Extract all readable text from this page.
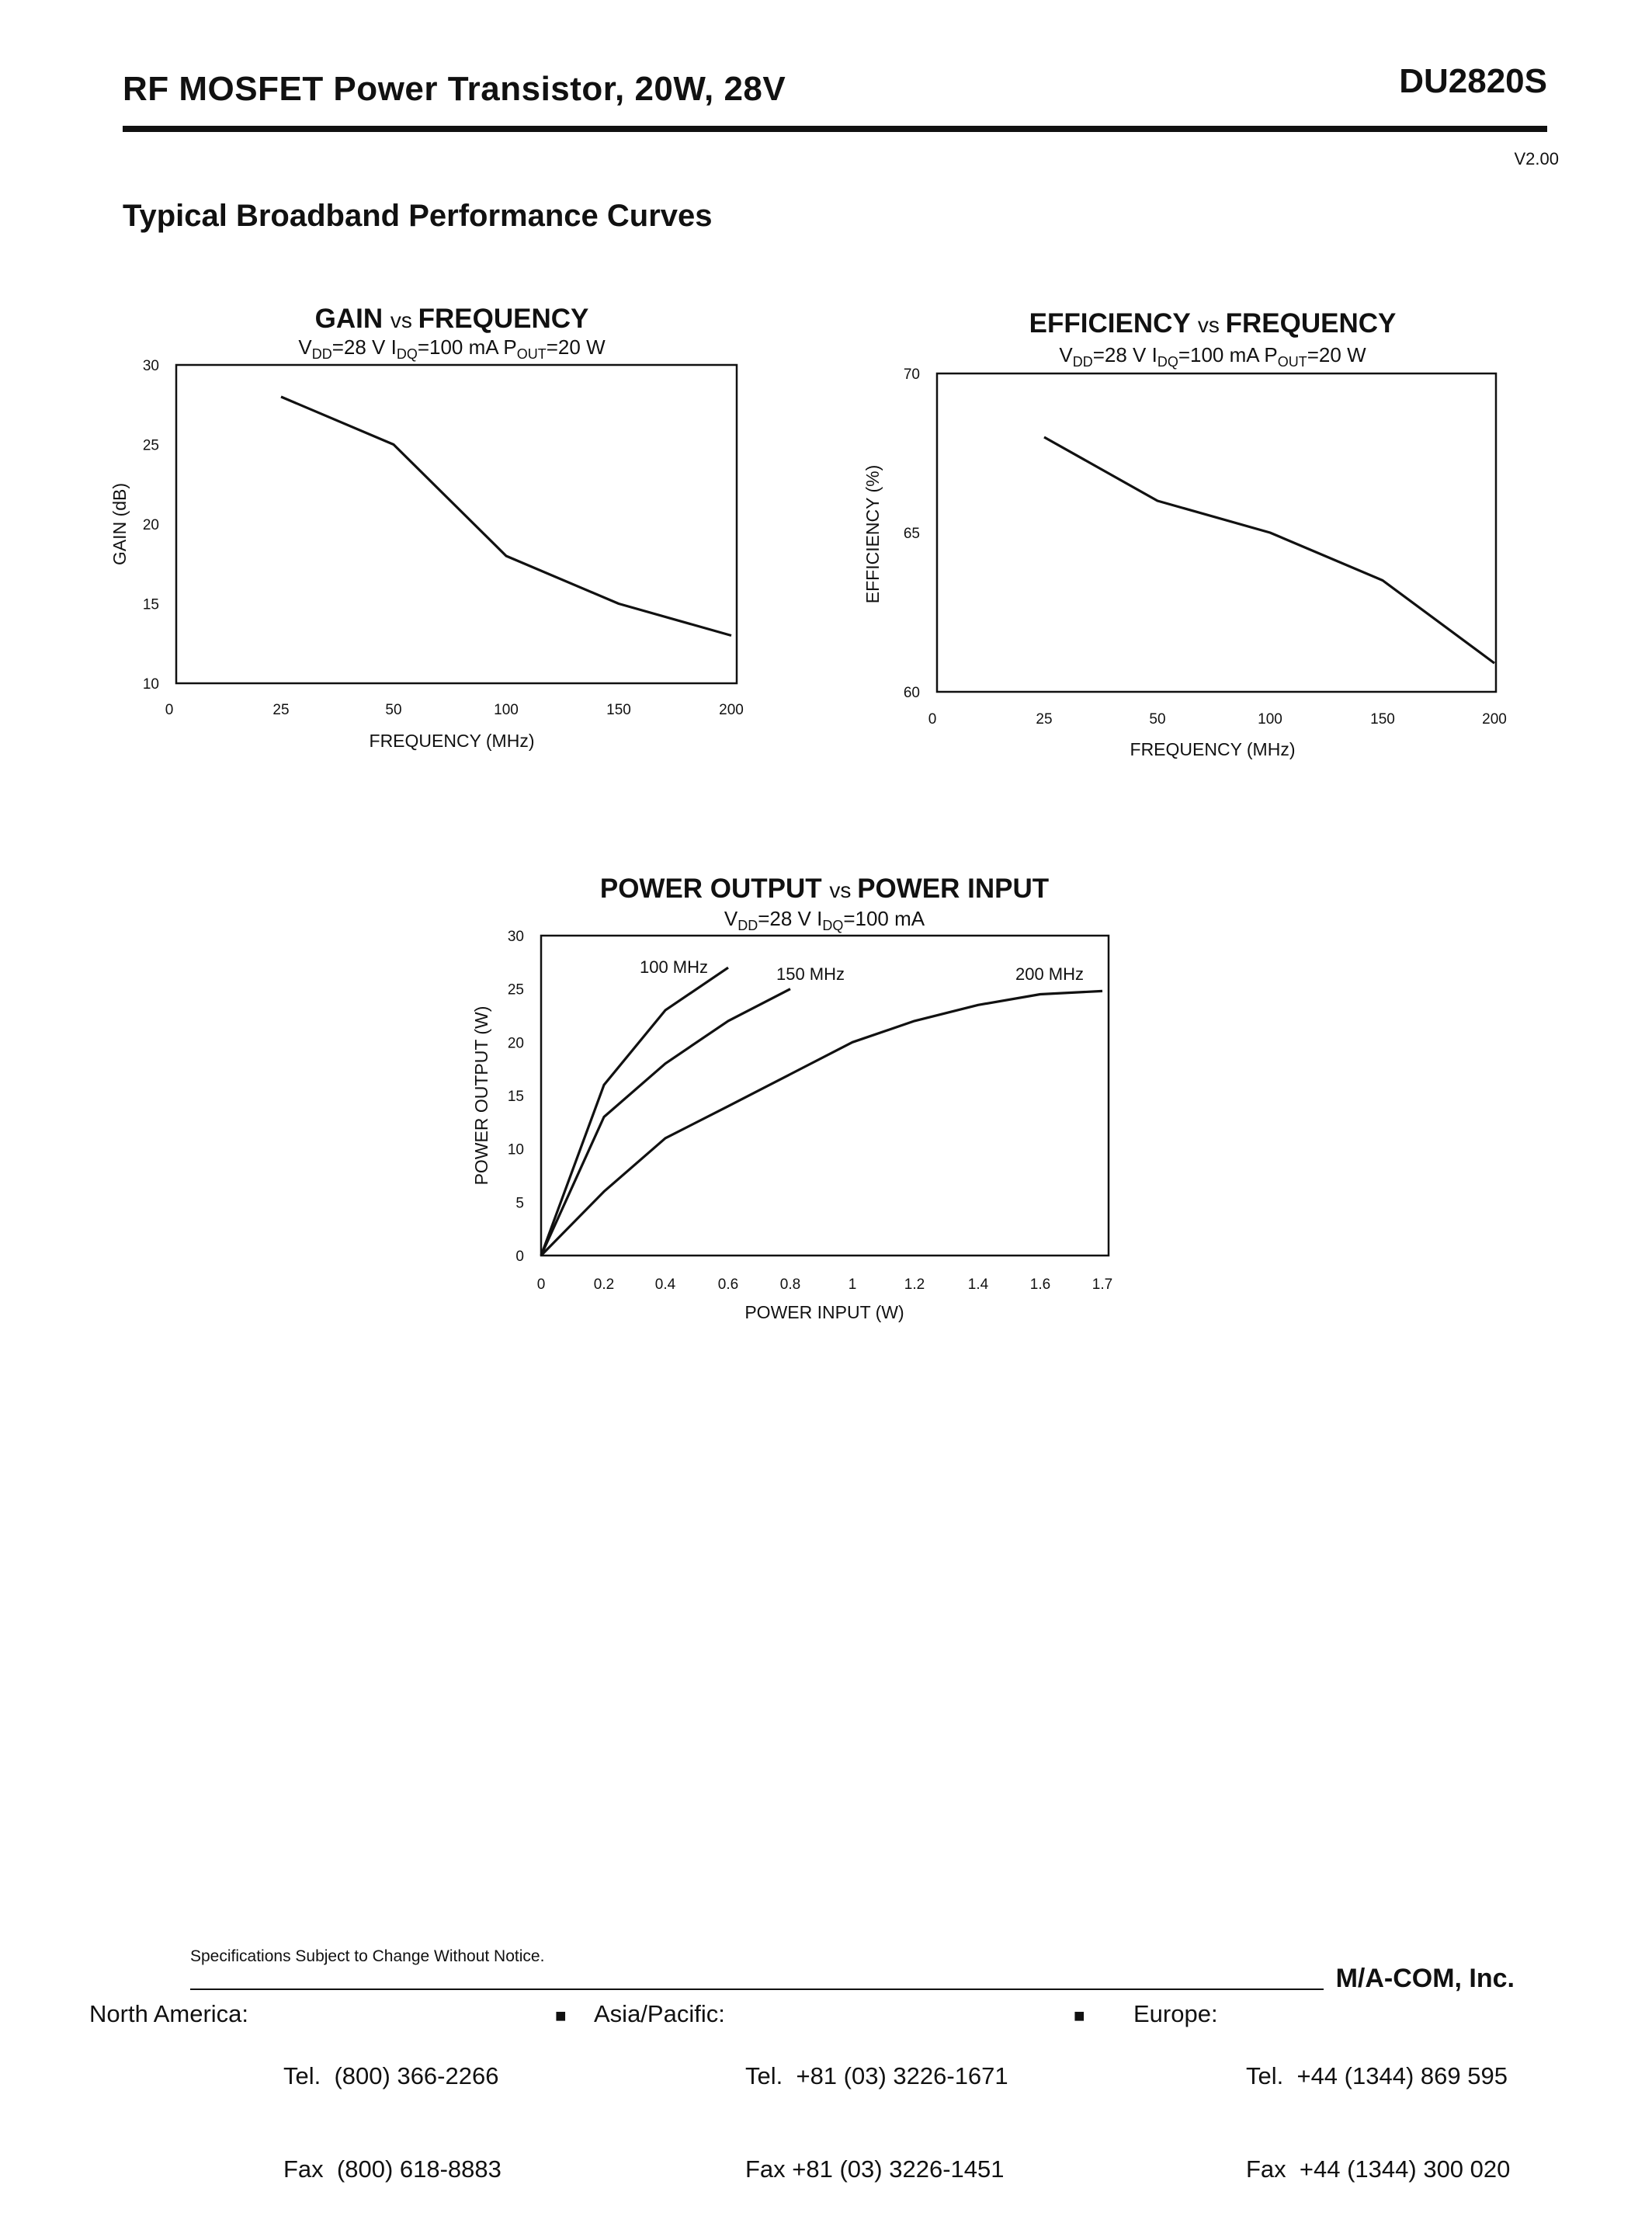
RF MOSFET Power Transistor, 20W, 28V	DU2820S
V2.00
Typical Broadband Performance Curves
GAIN vs FREQUENCY
$V_{DD}=28$ V $I_{DQ}=100$ mA $P_{OUT}=20$ W
10
15
20
25
30
0	25	50	100	150	200
FREQUENCY (MHz)
GAIN (dB)
EFFICIENCY vs FREQUENCY
$V_{DD}=28$ V $I_{DQ}=100$ mA $P_{OUT}=20$ W
60
65
70
0	25	50	100	150	200
FREQUENCY (MHz)
EFFICIENCY (%)
POWER OUTPUT vs POWER INPUT
$V_{DD}=28$ V $I_{DQ}=100$ mA
0
5
10
15
20
25
30
0	0.2	0.4	0.6	0.8	1	1.2	1.4	1.6	1.7
POWER INPUT (W)
POWER OUTPUT (W)
100 MHz	150 MHz	200 MHz
Specifications Subject to Change Without Notice.
M/A-COM, Inc.
North America:

Tel.  (800) 366-2266

Fax  (800) 618-8883

■ Asia/Pacific:

Tel.  +81 (03) 3226-1671

Fax +81 (03) 3226-1451

■ Europe:

Tel.  +44 (1344) 869 595

Fax  +44 (1344) 300 020
